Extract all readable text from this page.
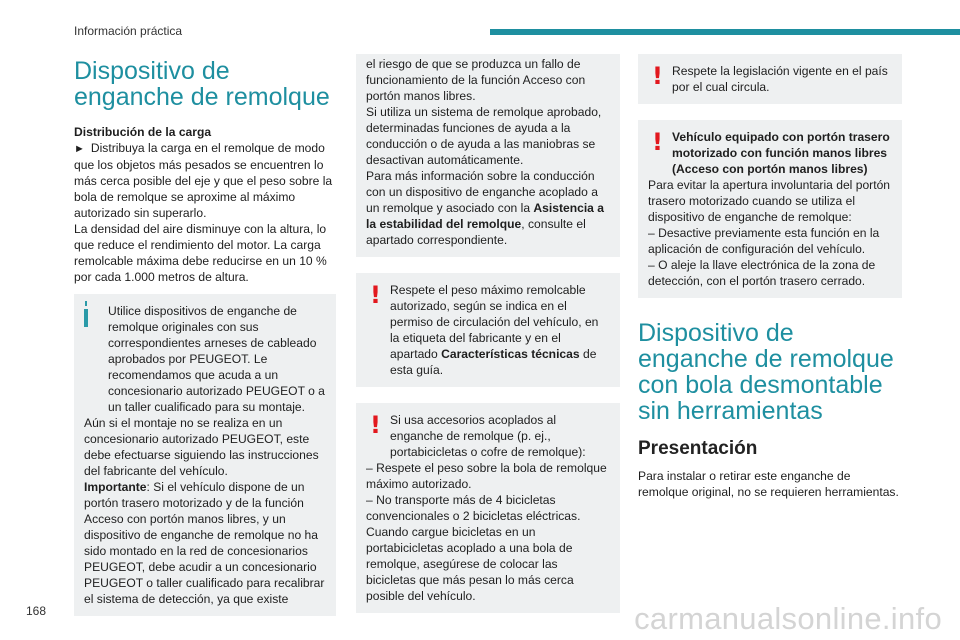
Información práctica
Dispositivo de enganche de remolque

Distribución de la carga

► Distribuya la carga en el remolque de modo que los objetos más pesados se encuentren lo más cerca posible del eje y que el peso sobre la bola de remolque se aproxime al máximo autorizado sin superarlo.

La densidad del aire disminuye con la altura, lo que reduce el rendimiento del motor. La carga remolcable máxima debe reducirse en un 10 % por cada 1.000 metros de altura.

Utilice dispositivos de enganche de remolque originales con sus correspondientes arneses de cableado aprobados por PEUGEOT. Le recomendamos que acuda a un concesionario autorizado PEUGEOT o a un taller cualificado para su montaje.

Aún si el montaje no se realiza en un concesionario autorizado PEUGEOT, este debe efectuarse siguiendo las instrucciones del fabricante del vehículo.

Importante: Si el vehículo dispone de un portón trasero motorizado y de la función Acceso con portón manos libres, y un dispositivo de enganche de remolque no ha sido montado en la red de concesionarios PEUGEOT, debe acudir a un concesionario PEUGEOT o taller cualificado para recalibrar el sistema de detección, ya que existe

el riesgo de que se produzca un fallo de funcionamiento de la función Acceso con portón manos libres.

Si utiliza un sistema de remolque aprobado, determinadas funciones de ayuda a la conducción o de ayuda a las maniobras se desactivan automáticamente.

Para más información sobre la conducción con un dispositivo de enganche acoplado a un remolque y asociado con la Asistencia a la estabilidad del remolque, consulte el apartado correspondiente.

! Respete el peso máximo remolcable autorizado, según se indica en el permiso de circulación del vehículo, en la etiqueta del fabricante y en el apartado Características técnicas de esta guía.

! Si usa accesorios acoplados al enganche de remolque (p. ej., portabicicletas o cofre de remolque):

– Respete el peso sobre la bola de remolque máximo autorizado.

– No transporte más de 4 bicicletas convencionales o 2 bicicletas eléctricas.

Cuando cargue bicicletas en un portabicicletas acoplado a una bola de remolque, asegúrese de colocar las bicicletas que más pesan lo más cerca posible del vehículo.

! Respete la legislación vigente en el país por el cual circula.

! Vehículo equipado con portón trasero motorizado con función manos libres (Acceso con portón manos libres)

Para evitar la apertura involuntaria del portón trasero motorizado cuando se utiliza el dispositivo de enganche de remolque:

– Desactive previamente esta función en la aplicación de configuración del vehículo.

– O aleje la llave electrónica de la zona de detección, con el portón trasero cerrado.

Dispositivo de enganche de remolque con bola desmontable sin herramientas
Presentación

Para instalar o retirar este enganche de remolque original, no se requieren herramientas.

168	carmanualsonline.info
